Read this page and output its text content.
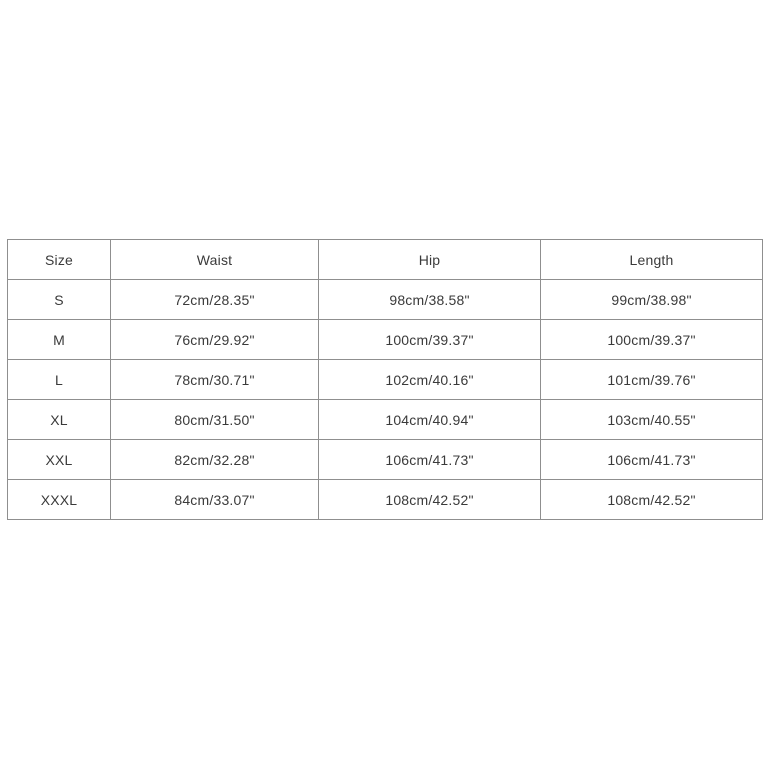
Size	Waist	Hip	Length
S	72cm/28.35"	98cm/38.58"	99cm/38.98"
M	76cm/29.92"	100cm/39.37"	100cm/39.37"
L	78cm/30.71"	102cm/40.16"	101cm/39.76"
XL	80cm/31.50"	104cm/40.94"	103cm/40.55"
XXL	82cm/32.28"	106cm/41.73"	106cm/41.73"
XXXL	84cm/33.07"	108cm/42.52"	108cm/42.52"
